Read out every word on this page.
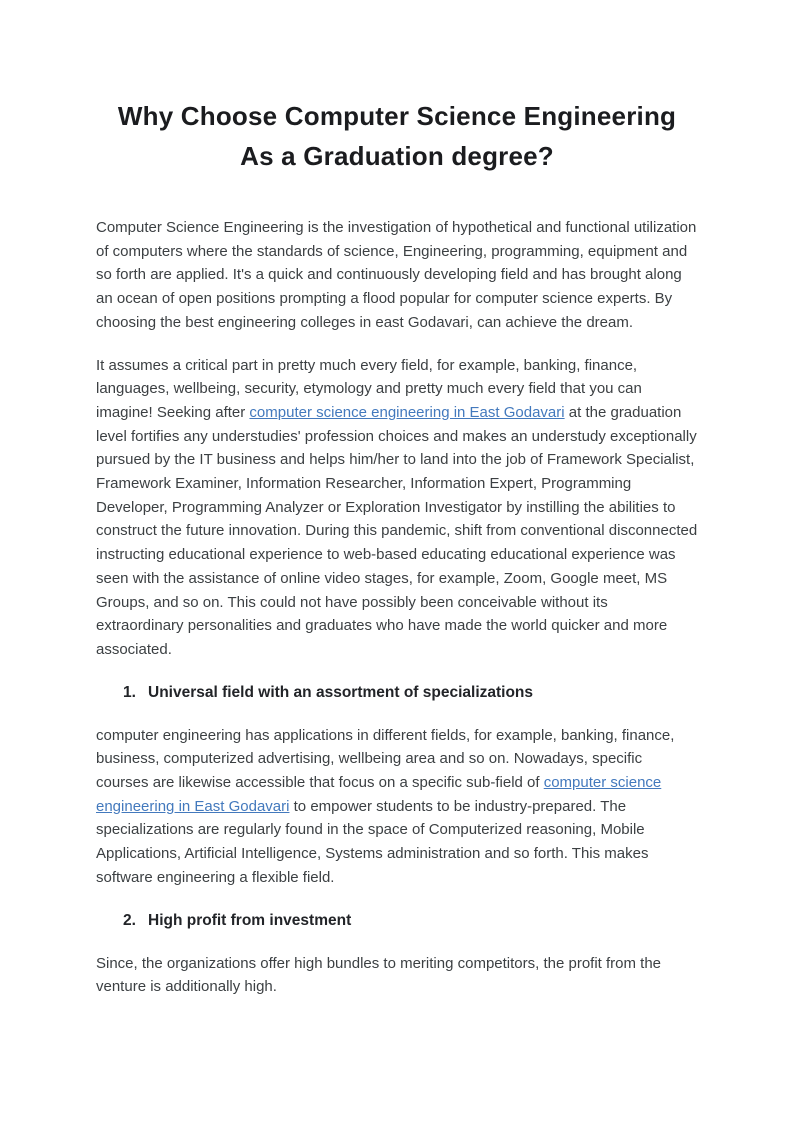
Why Choose Computer Science Engineering
As a Graduation degree?

Computer Science Engineering is the investigation of hypothetical and functional utilization of computers where the standards of science, Engineering, programming, equipment and so forth are applied. It's a quick and continuously developing field and has brought along an ocean of open positions prompting a flood popular for computer science experts. By choosing the best engineering colleges in east Godavari, can achieve the dream.

It assumes a critical part in pretty much every field, for example, banking, finance, languages, wellbeing, security, etymology and pretty much every field that you can imagine! Seeking after computer science engineering in East Godavari at the graduation level fortifies any understudies' profession choices and makes an understudy exceptionally pursued by the IT business and helps him/her to land into the job of Framework Specialist, Framework Examiner, Information Researcher, Information Expert, Programming Developer, Programming Analyzer or Exploration Investigator by instilling the abilities to construct the future innovation. During this pandemic, shift from conventional disconnected instructing educational experience to web-based educating educational experience was seen with the assistance of online video stages, for example, Zoom, Google meet, MS Groups, and so on. This could not have possibly been conceivable without its extraordinary personalities and graduates who have made the world quicker and more associated.

1. Universal field with an assortment of specializations

computer engineering has applications in different fields, for example, banking, finance, business, computerized advertising, wellbeing area and so on. Nowadays, specific courses are likewise accessible that focus on a specific sub-field of computer science engineering in East Godavari to empower students to be industry-prepared. The specializations are regularly found in the space of Computerized reasoning, Mobile Applications, Artificial Intelligence, Systems administration and so forth. This makes software engineering a flexible field.

2. High profit from investment

Since, the organizations offer high bundles to meriting competitors, the profit from the venture is additionally high.
